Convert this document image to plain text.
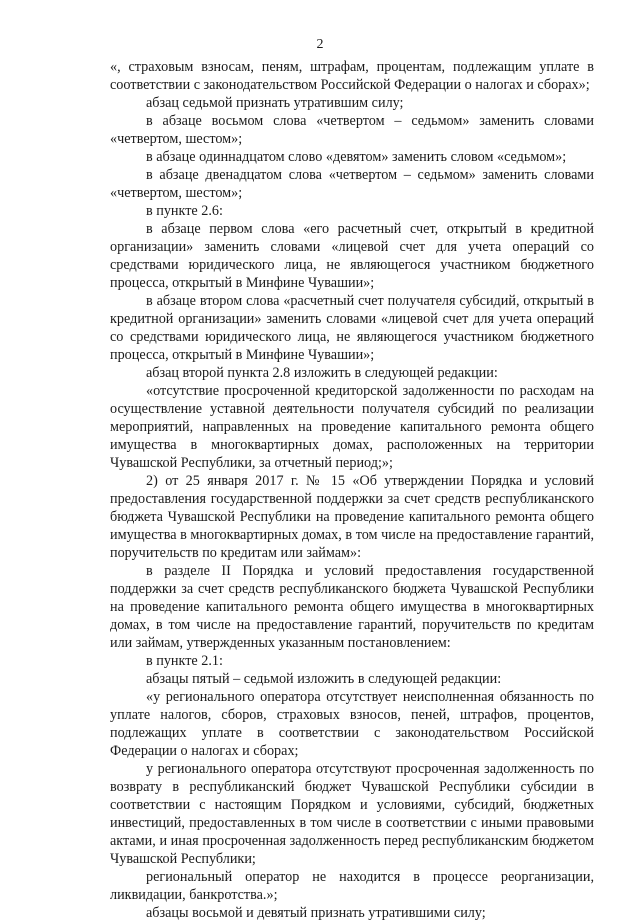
2

«, страховым взносам, пеням, штрафам, процентам, подлежащим уплате в соответствии с законодательством Российской Федерации о налогах и сборах»;

абзац седьмой признать утратившим силу;

в абзаце восьмом слова «четвертом – седьмом» заменить словами «четвертом, шестом»;

в абзаце одиннадцатом слово «девятом» заменить словом «седьмом»;

в абзаце двенадцатом слова «четвертом – седьмом» заменить словами «четвертом, шестом»;

в пункте 2.6:

в абзаце первом слова «его расчетный счет, открытый в кредитной организации» заменить словами «лицевой счет для учета операций со средствами юридического лица, не являющегося участником бюджетного процесса, открытый в Минфине Чувашии»;

в абзаце втором слова «расчетный счет получателя субсидий, открытый в кредитной организации» заменить словами «лицевой счет для учета операций со средствами юридического лица, не являющегося участником бюджетного процесса, открытый в Минфине Чувашии»;

абзац второй пункта 2.8 изложить в следующей редакции:

«отсутствие просроченной кредиторской задолженности по расходам на осуществление уставной деятельности получателя субсидий по реализации мероприятий, направленных на проведение капитального ремонта общего имущества в многоквартирных домах, расположенных на территории Чувашской Республики, за отчетный период;»;

2) от 25 января 2017 г. № 15 «Об утверждении Порядка и условий предоставления государственной поддержки за счет средств республиканского бюджета Чувашской Республики на проведение капитального ремонта общего имущества в многоквартирных домах, в том числе на предоставление гарантий, поручительств по кредитам или займам»:

в разделе II Порядка и условий предоставления государственной поддержки за счет средств республиканского бюджета Чувашской Республики на проведение капитального ремонта общего имущества в многоквартирных домах, в том числе на предоставление гарантий, поручительств по кредитам или займам, утвержденных указанным постановлением:

в пункте 2.1:

абзацы пятый – седьмой изложить в следующей редакции:

«у регионального оператора отсутствует неисполненная обязанность по уплате налогов, сборов, страховых взносов, пеней, штрафов, процентов, подлежащих уплате в соответствии с законодательством Российской Федерации о налогах и сборах;

у регионального оператора отсутствуют просроченная задолженность по возврату в республиканский бюджет Чувашской Республики субсидии в соответствии с настоящим Порядком и условиями, субсидий, бюджетных инвестиций, предоставленных в том числе в соответствии с иными правовыми актами, и иная просроченная задолженность перед республиканским бюджетом Чувашской Республики;

региональный оператор не находится в процессе реорганизации, ликвидации, банкротства.»;

абзацы восьмой и девятый признать утратившими силу;
